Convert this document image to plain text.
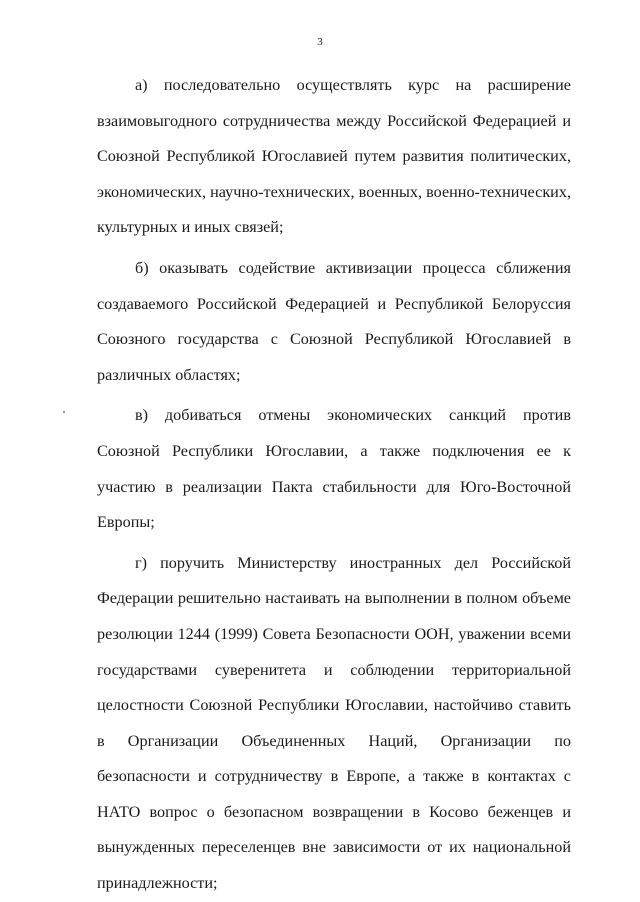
3

а) последовательно осуществлять курс на расширение взаимовыгодного сотрудничества между Российской Федерацией и Союзной Республикой Югославией путем развития политических, экономических, научно-технических, военных, военно-технических, культурных и иных связей;

б) оказывать содействие активизации процесса сближения создаваемого Российской Федерацией и Республикой Белоруссия Союзного государства с Союзной Республикой Югославией в различных областях;

в) добиваться отмены экономических санкций против Союзной Республики Югославии, а также подключения ее к участию в реализации Пакта стабильности для Юго-Восточной Европы;

г) поручить Министерству иностранных дел Российской Федерации решительно настаивать на выполнении в полном объеме резолюции 1244 (1999) Совета Безопасности ООН, уважении всеми государствами суверенитета и соблюдении территориальной целостности Союзной Республики Югославии, настойчиво ставить в Организации Объединенных Наций, Организации по безопасности и сотрудничеству в Европе, а также в контактах с НАТО вопрос о безопасном возвращении в Косово беженцев и вынужденных переселенцев вне зависимости от их национальной принадлежности;
